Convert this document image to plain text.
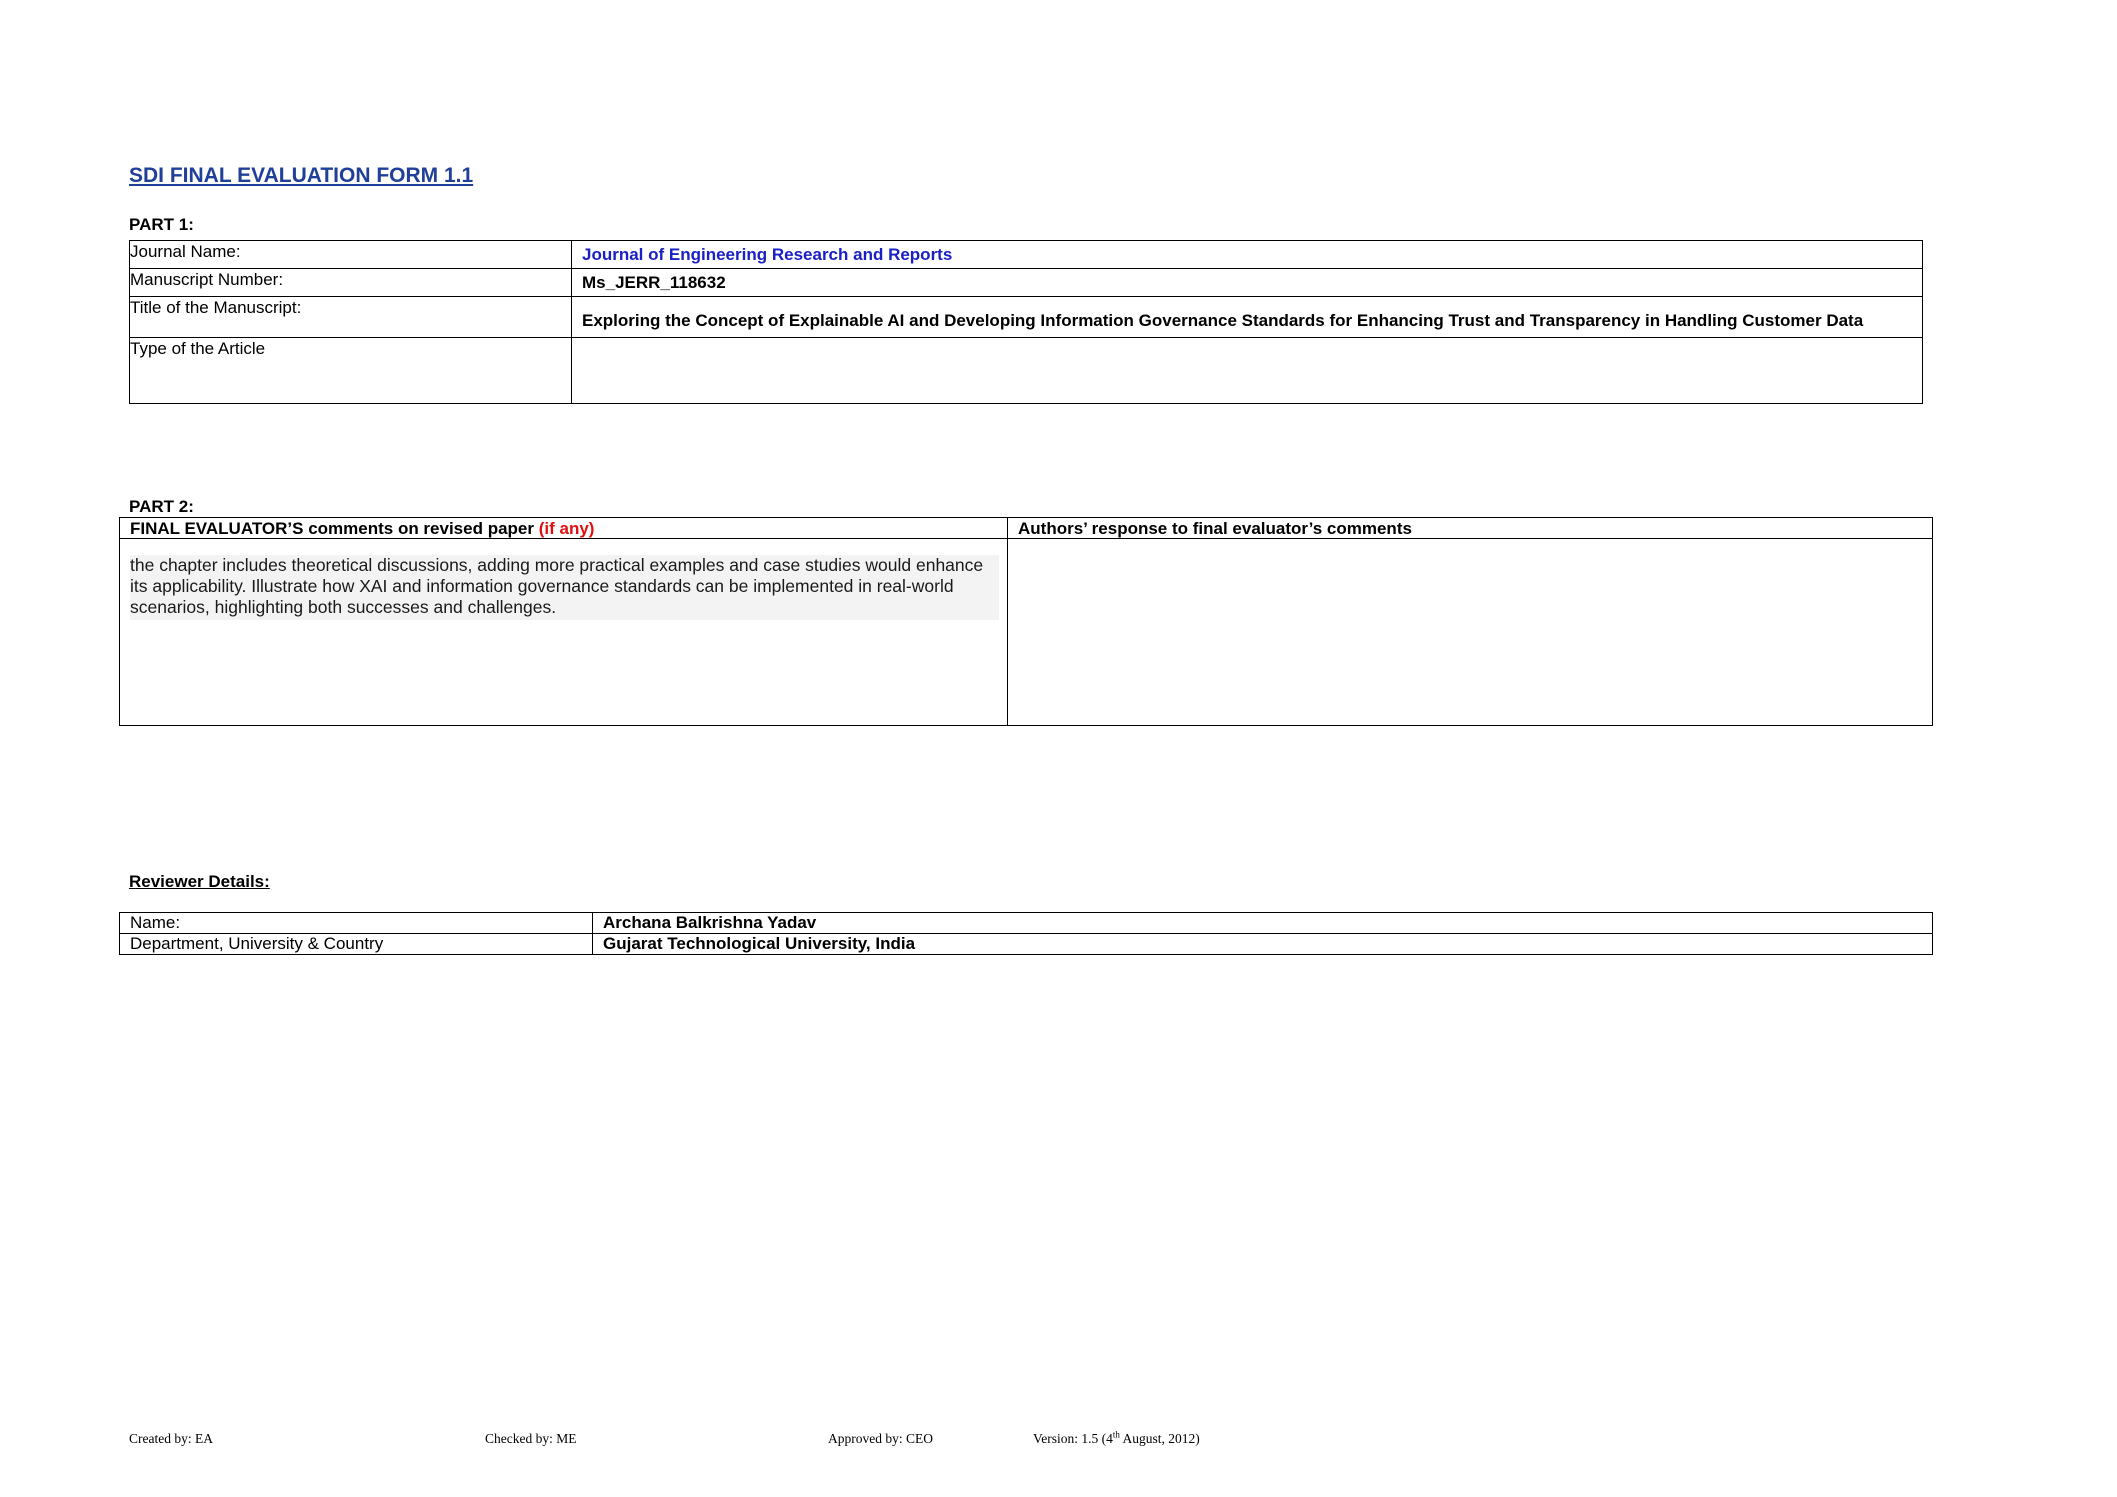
SDI FINAL EVALUATION FORM 1.1

PART 1:

Journal Name:	Journal of Engineering Research and Reports
Manuscript Number:	Ms_JERR_118632
Title of the Manuscript:	Exploring the Concept of Explainable AI and Developing Information Governance Standards for Enhancing Trust and Transparency in Handling Customer Data
Type of the Article	

PART 2:

FINAL EVALUATOR’S comments on revised paper (if any)	Authors’ response to final evaluator’s comments

the chapter includes theoretical discussions, adding more practical examples and case studies would enhance its applicability. Illustrate how XAI and information governance standards can be implemented in real-world scenarios, highlighting both successes and challenges.	

Reviewer Details:

Name:	Archana Balkrishna Yadav
Department, University & Country	Gujarat Technological University, India

Created by: EA	Checked by: ME	Approved by: CEO	Version: 1.5 (4th August, 2012)
